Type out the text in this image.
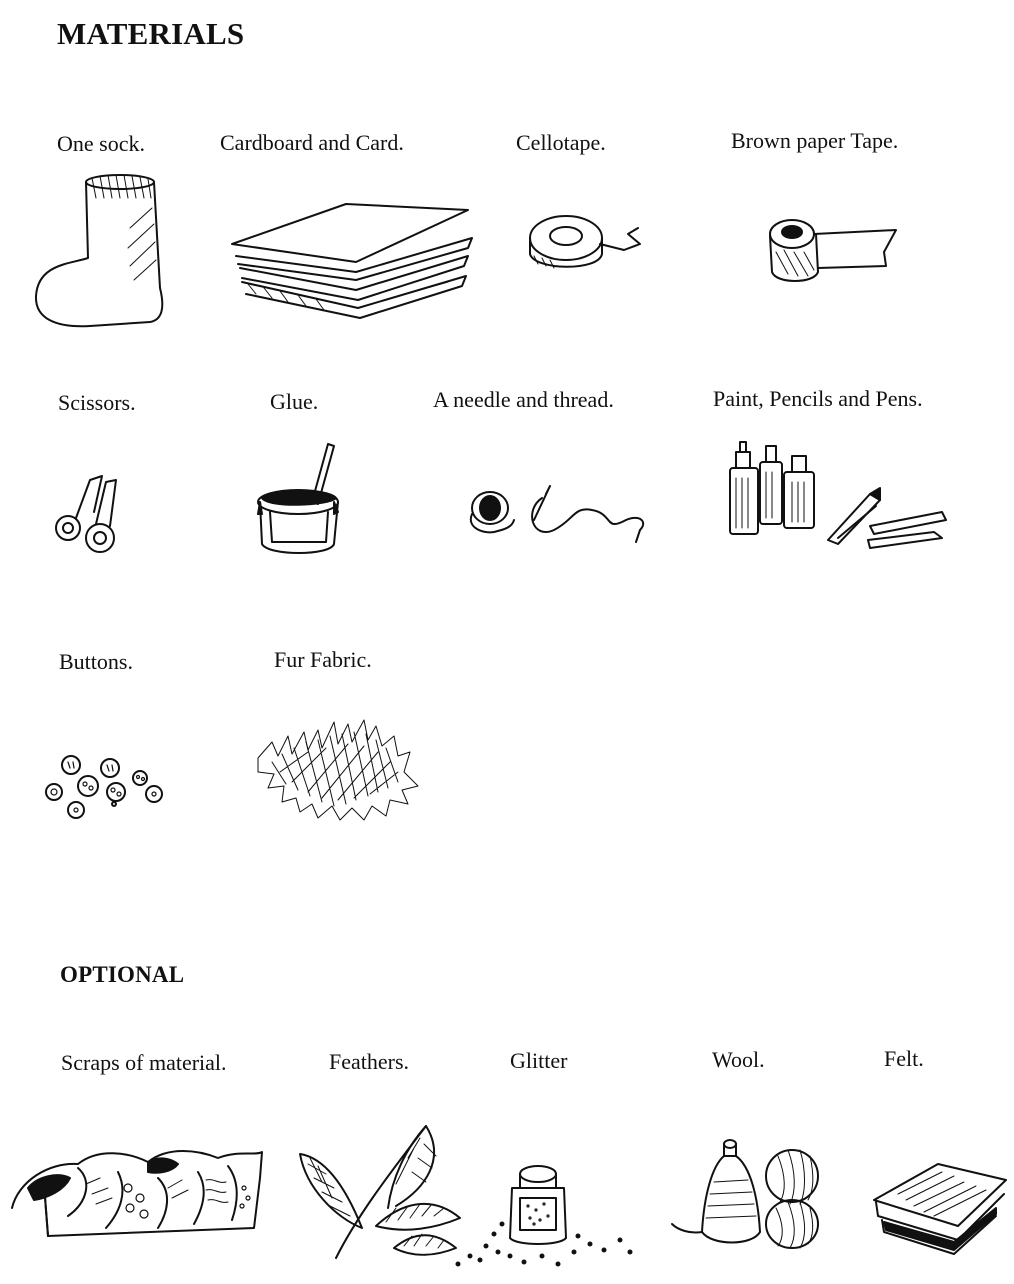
MATERIALS
One sock.	Cardboard and Card.	Cellotape.	Brown paper Tape.
Scissors.	Glue.	A needle and thread.	Paint, Pencils and Pens.
Buttons.	Fur Fabric.
OPTIONAL
Scraps of material.	Feathers.	Glitter	Wool.	Felt.
